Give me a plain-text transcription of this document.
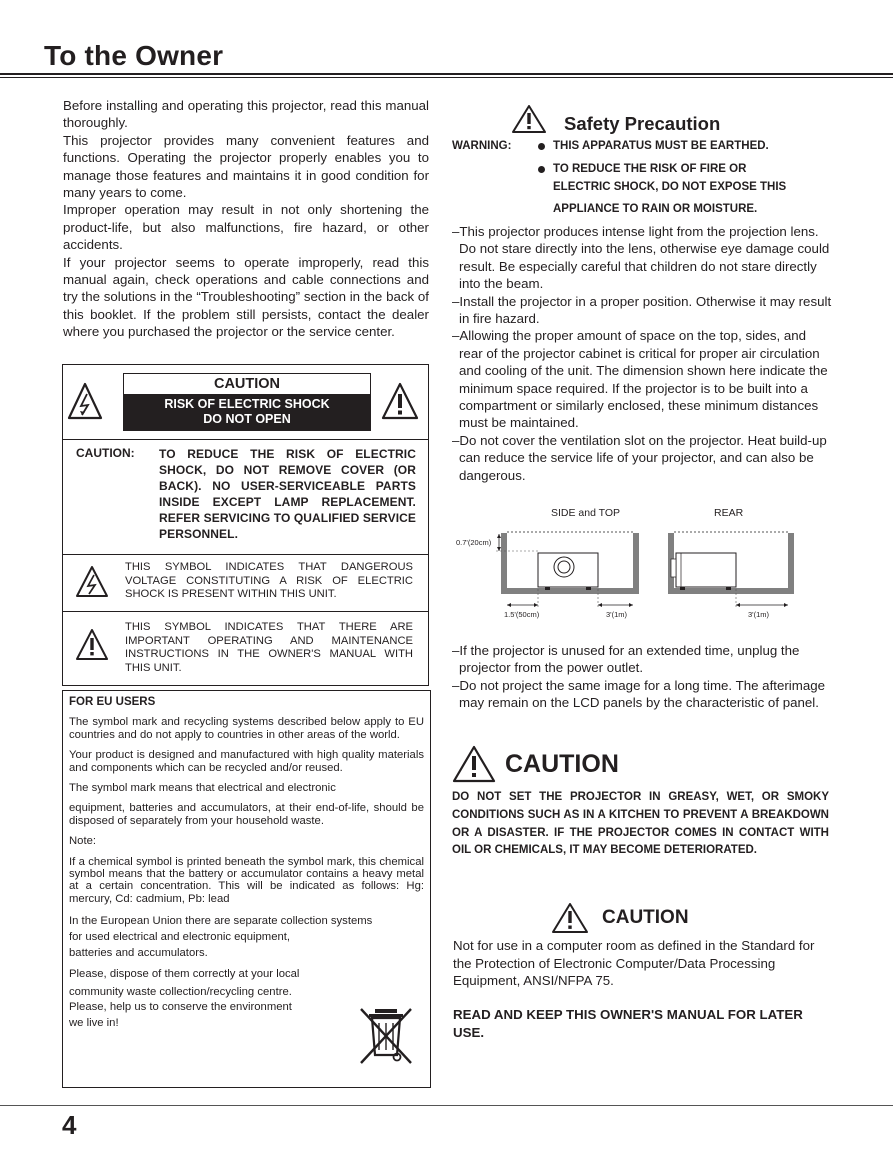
To the Owner

Before installing and operating this projector, read this manual thoroughly.

This projector provides many convenient features and functions. Operating the projector properly enables you to manage those features and maintains it in good condition for many years to come.

Improper operation may result in not only shortening the product-life, but also malfunctions, fire hazard, or other accidents.

If your projector seems to operate improperly, read this manual again, check operations and cable connections and try the solutions in the “Troubleshooting” section in the back of this booklet. If the problem still persists, contact the dealer where you purchased the projector or the service center.

CAUTION
RISK OF ELECTRIC SHOCK
DO NOT OPEN
CAUTION: TO REDUCE THE RISK OF ELECTRIC SHOCK, DO NOT REMOVE COVER (OR BACK). NO USER-SERVICEABLE PARTS INSIDE EXCEPT LAMP REPLACEMENT. REFER SERVICING TO QUALIFIED SERVICE PERSONNEL.
THIS SYMBOL INDICATES THAT DANGEROUS VOLTAGE CONSTITUTING A RISK OF ELECTRIC SHOCK IS PRESENT WITHIN THIS UNIT.
THIS SYMBOL INDICATES THAT THERE ARE IMPORTANT OPERATING AND MAINTENANCE INSTRUCTIONS IN THE OWNER'S MANUAL WITH THIS UNIT.
FOR EU USERS

The symbol mark and recycling systems described below apply to EU countries and do not apply to countries in other areas of the world.

Your product is designed and manufactured with high quality materials and components which can be recycled and/or reused.

The symbol mark means that electrical and electronic

equipment, batteries and accumulators, at their end-of-life, should be disposed of separately from your household waste.

Note:

If a chemical symbol is printed beneath the symbol mark, this chemical symbol means that the battery or accumulator contains a heavy metal at a certain concentration. This will be indicated as follows: Hg: mercury, Cd: cadmium, Pb: lead

In the European Union there are separate collection systems
for used electrical and electronic equipment,
batteries and accumulators.
Please, dispose of them correctly at your local
community waste collection/recycling centre.
Please, help us to conserve the environment
we live in!
Safety Precaution
WARNING:	THIS APPARATUS MUST BE EARTHED.
TO REDUCE THE RISK OF FIRE OR
ELECTRIC SHOCK, DO NOT EXPOSE THIS
APPLIANCE TO RAIN OR MOISTURE.
–This projector produces intense light from the projection lens. Do not stare directly into the lens, otherwise eye damage could result. Be especially careful that children do not stare directly into the beam.
–Install the projector in a proper position. Otherwise it may result in fire hazard.
–Allowing the proper amount of space on the top, sides, and rear of the projector cabinet is critical for proper air circulation and cooling of the unit. The dimension shown here indicate the minimum space required. If the projector is to be built into a compartment or similarly enclosed, these minimum distances must be maintained.
–Do not cover the ventilation slot on the projector. Heat build-up can reduce the service life of your projector, and can also be dangerous.
SIDE and TOP	REAR
0.7'(20cm)
1.5'(50cm)	3'(1m)	3'(1m)
–If the projector is unused for an extended time, unplug the projector from the power outlet.
–Do not project the same image for a long time. The afterimage may remain on the LCD panels by the characteristic of panel.
CAUTION
DO NOT SET THE PROJECTOR IN GREASY, WET, OR SMOKY CONDITIONS SUCH AS IN A KITCHEN TO PREVENT A BREAKDOWN OR A DISASTER. IF THE PROJECTOR COMES IN CONTACT WITH OIL OR CHEMICALS, IT MAY BECOME DETERIORATED.
CAUTION
Not for use in a computer room as defined in the Standard for the Protection of Electronic Computer/Data Processing Equipment, ANSI/NFPA 75.
READ AND KEEP THIS OWNER'S MANUAL FOR LATER USE.
4
